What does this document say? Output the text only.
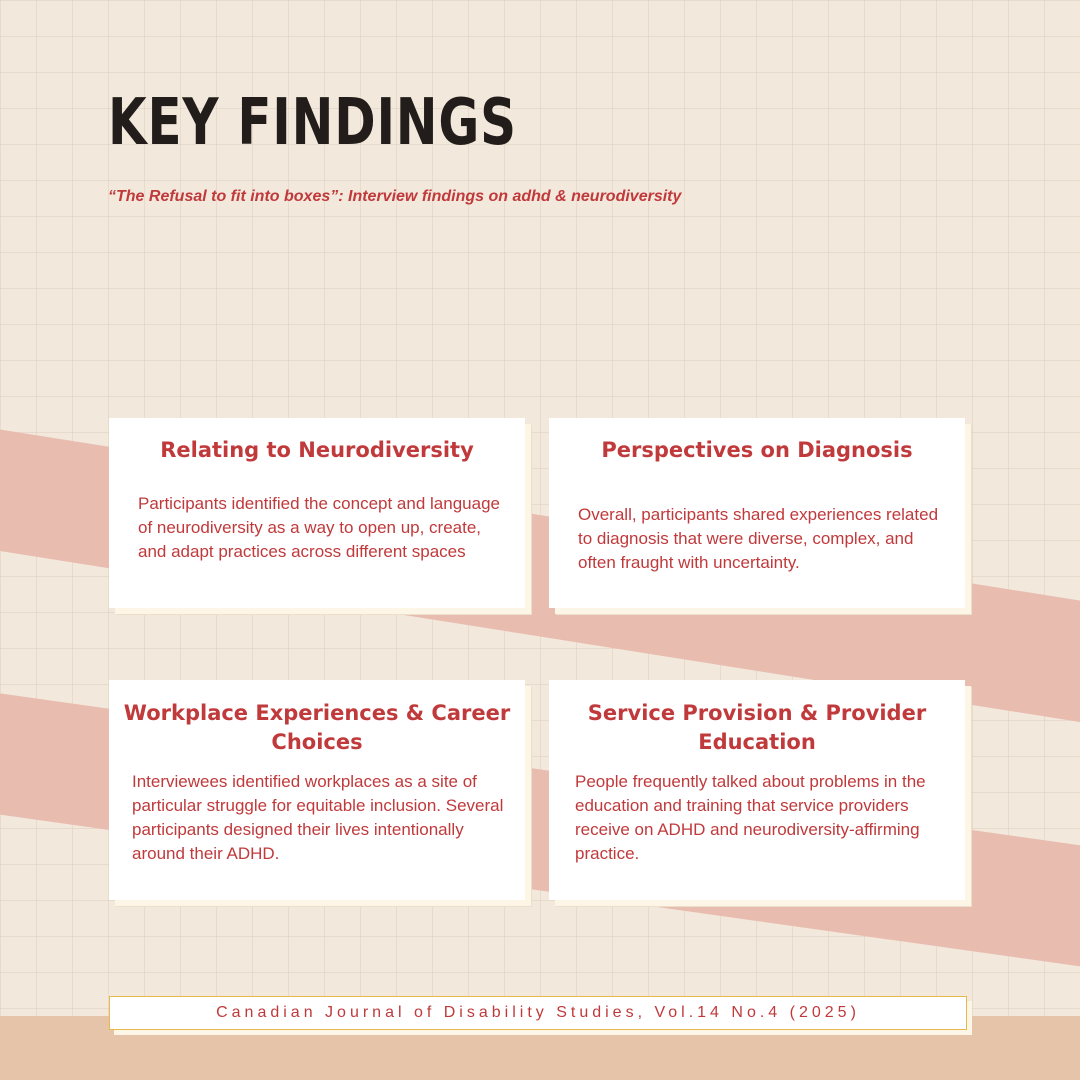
KEY FINDINGS

“The Refusal to fit into boxes”: Interview findings on adhd & neurodiversity

Relating to Neurodiversity

Participants identified the concept and language of neurodiversity as a way to open up, create, and adapt practices across different spaces

Perspectives on Diagnosis

Overall, participants shared experiences related to diagnosis that were diverse, complex, and often fraught with uncertainty.

Workplace Experiences & Career Choices

Interviewees identified workplaces as a site of particular struggle for equitable inclusion. Several participants designed their lives intentionally around their ADHD.

Service Provision & Provider Education

People frequently talked about problems in the education and training that service providers receive on ADHD and neurodiversity-affirming practice.

Canadian Journal of Disability Studies, Vol.14 No.4 (2025)
